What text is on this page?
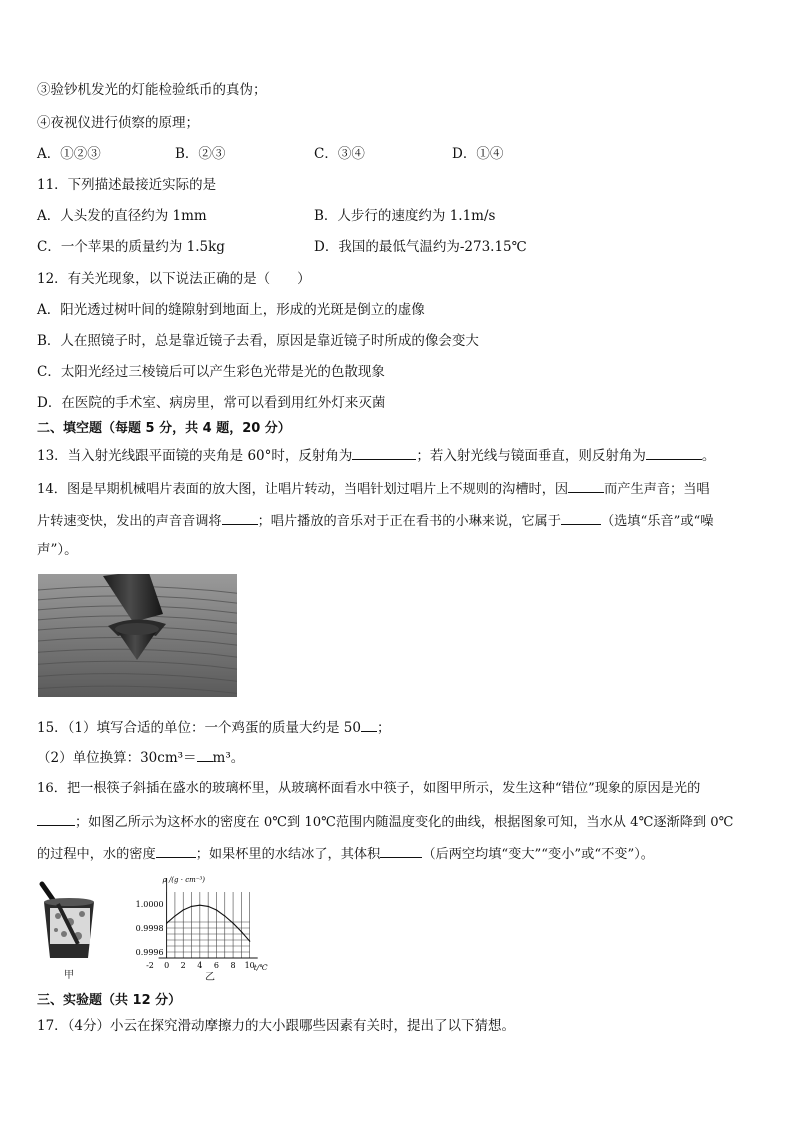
③验钞机发光的灯能检验纸币的真伪；
④夜视仪进行侦察的原理；
A．①②③	B．②③	C．③④	D．①④
11．下列描述最接近实际的是
A．人头发的直径约为 1mm	B．人步行的速度约为 1.1m/s
C．一个苹果的质量约为 1.5kg	D．我国的最低气温约为-273.15℃
12．有关光现象，以下说法正确的是（　　）
A．阳光透过树叶间的缝隙射到地面上，形成的光斑是倒立的虚像
B．人在照镜子时，总是靠近镜子去看，原因是靠近镜子时所成的像会变大
C．太阳光经过三棱镜后可以产生彩色光带是光的色散现象
D．在医院的手术室、病房里，常可以看到用红外灯来灭菌
二、填空题（每题 5 分，共 4 题，20 分）
13．当入射光线跟平面镜的夹角是 60°时，反射角为	；若入射光线与镜面垂直，则反射角为	。
14．图是早期机械唱片表面的放大图，让唱片转动，当唱针划过唱片上不规则的沟槽时，因	而产生声音；当唱
片转速变快，发出的声音音调将	；唱片播放的音乐对于正在看书的小琳来说，它属于	（选填“乐音”或“噪
声”）。
15．（1）填写合适的单位：一个鸡蛋的质量大约是 50 ；
（2）单位换算：30cm³＝ m³。
16．把一根筷子斜插在盛水的玻璃杯里，从玻璃杯面看水中筷子，如图甲所示，发生这种“错位”现象的原因是光的
；如图乙所示为这杯水的密度在 0℃到 10℃范围内随温度变化的曲线，根据图象可知，当水从 4℃逐渐降到 0℃
的过程中，水的密度	；如果杯里的水结冰了，其体积	（后两空均填“变大”“变小”或“不变”）。
甲
-2 0 2 4 6 8 10
1.0000
0.9998
0.9996
ρ /(g · cm⁻³)
t/℃
乙
三、实验题（共 12 分）
17．（4分）小云在探究滑动摩擦力的大小跟哪些因素有关时，提出了以下猜想。
